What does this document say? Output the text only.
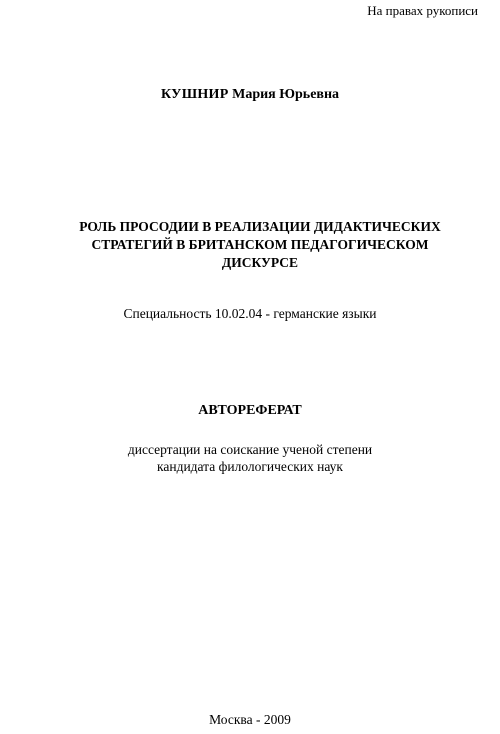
На правах рукописи
КУШНИР Мария Юрьевна
РОЛЬ ПРОСОДИИ В РЕАЛИЗАЦИИ ДИДАКТИЧЕСКИХ
СТРАТЕГИЙ В БРИТАНСКОМ ПЕДАГОГИЧЕСКОМ
ДИСКУРСЕ
Специальность 10.02.04 - германские языки
АВТОРЕФЕРАТ
диссертации на соискание ученой степени
кандидата филологических наук
Москва - 2009
